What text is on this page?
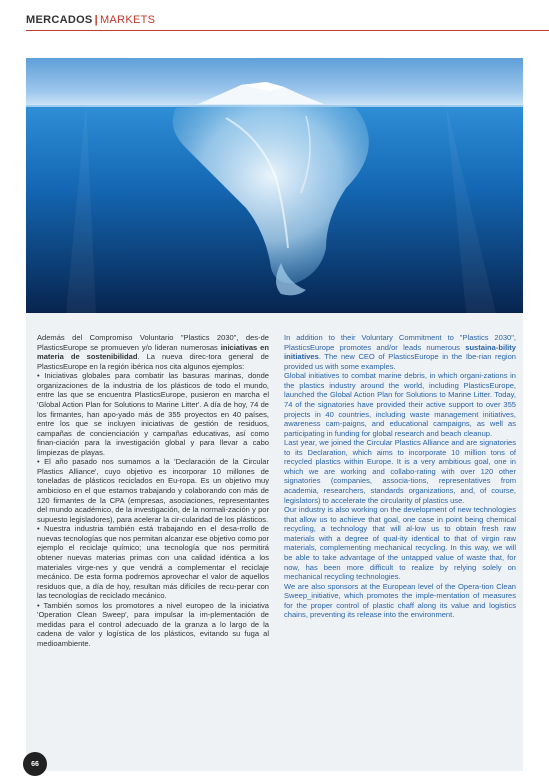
MERCADOS | MARKETS

Además del Compromiso Voluntario "Plastics 2030", des-de PlasticsEurope se promueven y/o lideran numerosas iniciativas en materia de sostenibilidad. La nueva direc-tora general de PlasticsEurope en la región ibérica nos cita algunos ejemplos:

• Iniciativas globales para combatir las basuras marinas, donde organizaciones de la industria de los plásticos de todo el mundo, entre las que se encuentra PlasticsEurope, pusieron en marcha el 'Global Action Plan for Solutions to Marine Litter'. A día de hoy, 74 de los firmantes, han apo-yado más de 355 proyectos en 40 países, entre los que se incluyen iniciativas de gestión de residuos, campañas de concienciación y campañas educativas, así como finan-ciación para la investigación global y para llevar a cabo limpiezas de playas.

• El año pasado nos sumamos a la 'Declaración de la Circular Plastics Alliance', cuyo objetivo es incorporar 10 millones de toneladas de plásticos reciclados en Eu-ropa. Es un objetivo muy ambicioso en el que estamos trabajando y colaborando con más de 120 firmantes de la CPA (empresas, asociaciones, representantes del mundo académico, de la investigación, de la normali-zación y por supuesto legisladores), para acelerar la cir-cularidad de los plásticos.

• Nuestra industria también está trabajando en el desa-rrollo de nuevas tecnologías que nos permitan alcanzar ese objetivo como por ejemplo el reciclaje químico; una tecnología que nos permitirá obtener nuevas materias primas con una calidad idéntica a los materiales virge-nes y que vendrá a complementar el reciclaje mecánico. De esta forma podremos aprovechar el valor de aquellos residuos que, a día de hoy, resultan más difíciles de recu-perar con las tecnologías de reciclado mecánico.

• También somos los promotores a nivel europeo de la iniciativa 'Operation Clean Sweep', para impulsar la im-plementación de medidas para el control adecuado de la granza a lo largo de la cadena de valor y logística de los plásticos, evitando su fuga al medioambiente.

In addition to their Voluntary Commitment to "Plastics 2030", PlasticsEurope promotes and/or leads numerous sustaina-bility initiatives. The new CEO of PlasticsEurope in the Ibe-rian region provided us with some examples.

Global initiatives to combat marine debris, in which organi-zations in the plastics industry around the world, including PlasticsEurope, launched the Global Action Plan for Solutions to Marine Litter. Today, 74 of the signatories have provided their active support to over 355 projects in 40 countries, including waste management initiatives, awareness cam-paigns, and educational campaigns, as well as participating in funding for global research and beach cleanup.

Last year, we joined the Circular Plastics Alliance and are signatories to its Declaration, which aims to incorporate 10 million tons of recycled plastics within Europe. It is a very ambitious goal, one in which we are working and collabo-rating with over 120 other signatories (companies, associa-tions, representatives from academia, researchers, standards organizations, and, of course, legislators) to accelerate the circularity of plastics use.

Our industry is also working on the development of new technologies that allow us to achieve that goal, one case in point being chemical recycling, a technology that will al-low us to obtain fresh raw materials with a degree of qual-ity identical to that of virgin raw materials, complementing mechanical recycling. In this way, we will be able to take advantage of the untapped value of waste that, for now, has been more difficult to realize by relying solely on mechanical recycling technologies.

We are also sponsors at the European level of the Opera-tion Clean Sweep_initiative, which promotes the imple-mentation of measures for the proper control of plastic chaff along its value and logistics chains, preventing its release into the environment.

66
